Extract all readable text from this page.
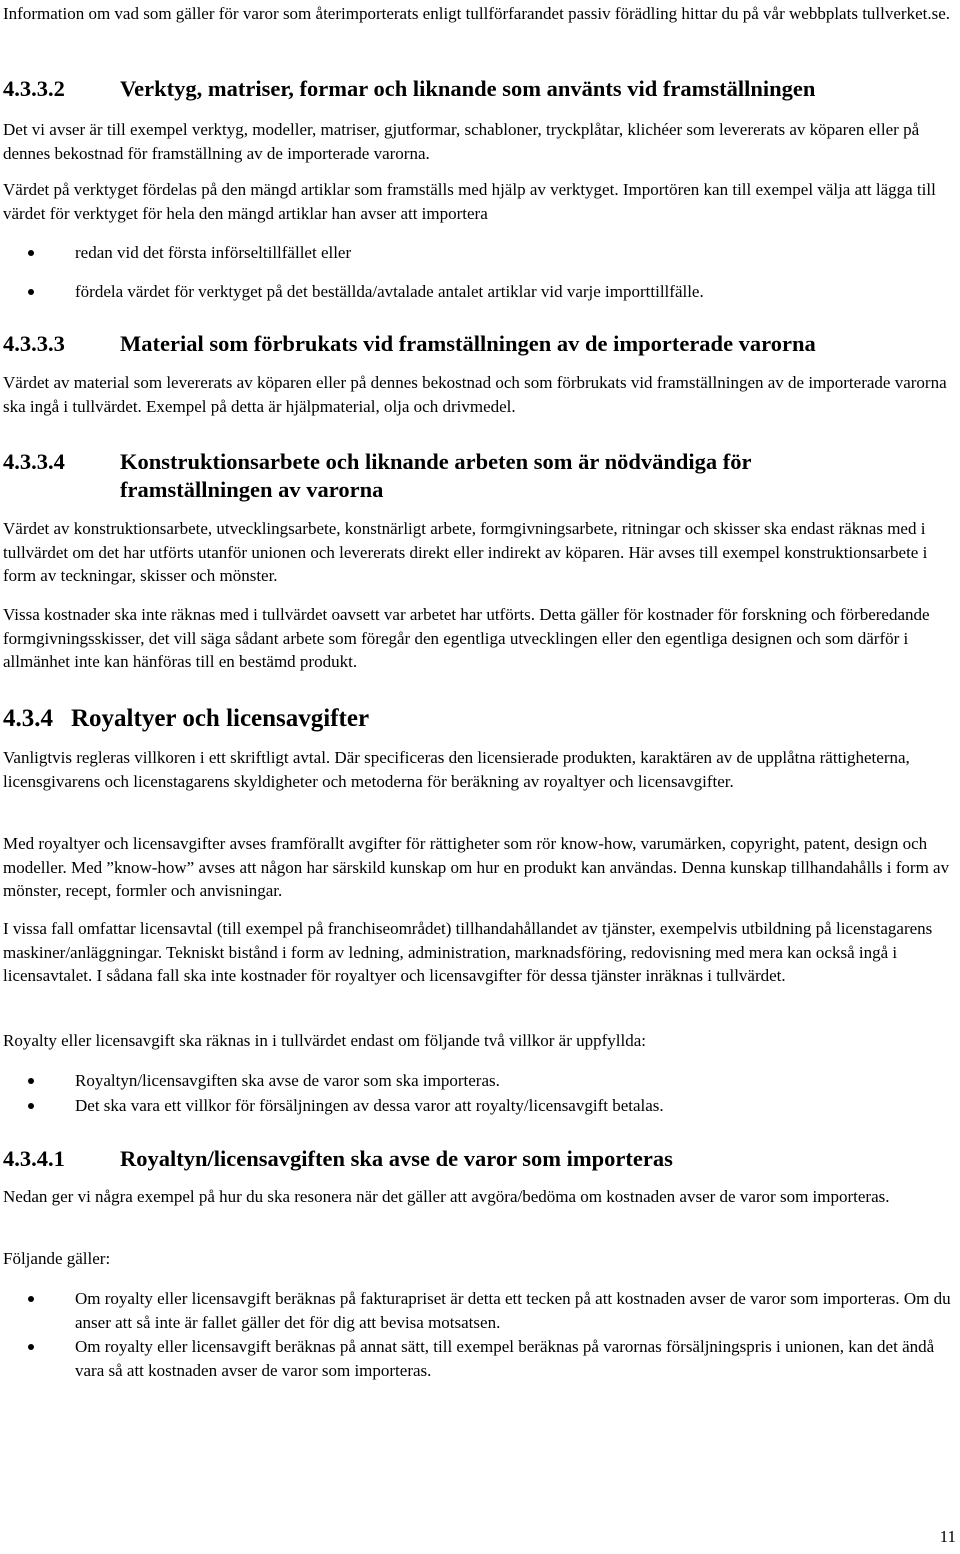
Information om vad som gäller för varor som återimporterats enligt tullförfarandet passiv förädling hittar du på vår webbplats tullverket.se.

4.3.3.2 Verktyg, matriser, formar och liknande som använts vid framställningen

Det vi avser är till exempel verktyg, modeller, matriser, gjutformar, schabloner, tryckplåtar, klichéer som levererats av köparen eller på dennes bekostnad för framställning av de importerade varorna.

Värdet på verktyget fördelas på den mängd artiklar som framställs med hjälp av verktyget. Importören kan till exempel välja att lägga till värdet för verktyget för hela den mängd artiklar han avser att importera

redan vid det första införseltillfället eller
fördela värdet för verktyget på det beställda/avtalade antalet artiklar vid varje importtillfälle.
4.3.3.3 Material som förbrukats vid framställningen av de importerade varorna

Värdet av material som levererats av köparen eller på dennes bekostnad och som förbrukats vid framställningen av de importerade varorna ska ingå i tullvärdet. Exempel på detta är hjälpmaterial, olja och drivmedel.

4.3.3.4 Konstruktionsarbete och liknande arbeten som är nödvändiga för framställningen av varorna

Värdet av konstruktionsarbete, utvecklingsarbete, konstnärligt arbete, formgivningsarbete, ritningar och skisser ska endast räknas med i tullvärdet om det har utförts utanför unionen och levererats direkt eller indirekt av köparen. Här avses till exempel konstruktionsarbete i form av teckningar, skisser och mönster.

Vissa kostnader ska inte räknas med i tullvärdet oavsett var arbetet har utförts. Detta gäller för kostnader för forskning och förberedande formgivningsskisser, det vill säga sådant arbete som föregår den egentliga utvecklingen eller den egentliga designen och som därför i allmänhet inte kan hänföras till en bestämd produkt.

4.3.4 Royaltyer och licensavgifter

Vanligtvis regleras villkoren i ett skriftligt avtal. Där specificeras den licensierade produkten, karaktären av de upplåtna rättigheterna, licensgivarens och licenstagarens skyldigheter och metoderna för beräkning av royaltyer och licensavgifter.

Med royaltyer och licensavgifter avses framförallt avgifter för rättigheter som rör know-how, varumärken, copyright, patent, design och modeller. Med ”know-how” avses att någon har särskild kunskap om hur en produkt kan användas. Denna kunskap tillhandahålls i form av mönster, recept, formler och anvisningar.

I vissa fall omfattar licensavtal (till exempel på franchiseområdet) tillhandahållandet av tjänster, exempelvis utbildning på licenstagarens maskiner/anläggningar. Tekniskt bistånd i form av ledning, administration, marknadsföring, redovisning med mera kan också ingå i licensavtalet. I sådana fall ska inte kostnader för royaltyer och licensavgifter för dessa tjänster inräknas i tullvärdet.

Royalty eller licensavgift ska räknas in i tullvärdet endast om följande två villkor är uppfyllda:

Royaltyn/licensavgiften ska avse de varor som ska importeras.
Det ska vara ett villkor för försäljningen av dessa varor att royalty/licensavgift betalas.
4.3.4.1 Royaltyn/licensavgiften ska avse de varor som importeras

Nedan ger vi några exempel på hur du ska resonera när det gäller att avgöra/bedöma om kostnaden avser de varor som importeras.

Följande gäller:

Om royalty eller licensavgift beräknas på fakturapriset är detta ett tecken på att kostnaden avser de varor som importeras. Om du anser att så inte är fallet gäller det för dig att bevisa motsatsen.
Om royalty eller licensavgift beräknas på annat sätt, till exempel beräknas på varornas försäljningspris i unionen, kan det ändå vara så att kostnaden avser de varor som importeras.
11
